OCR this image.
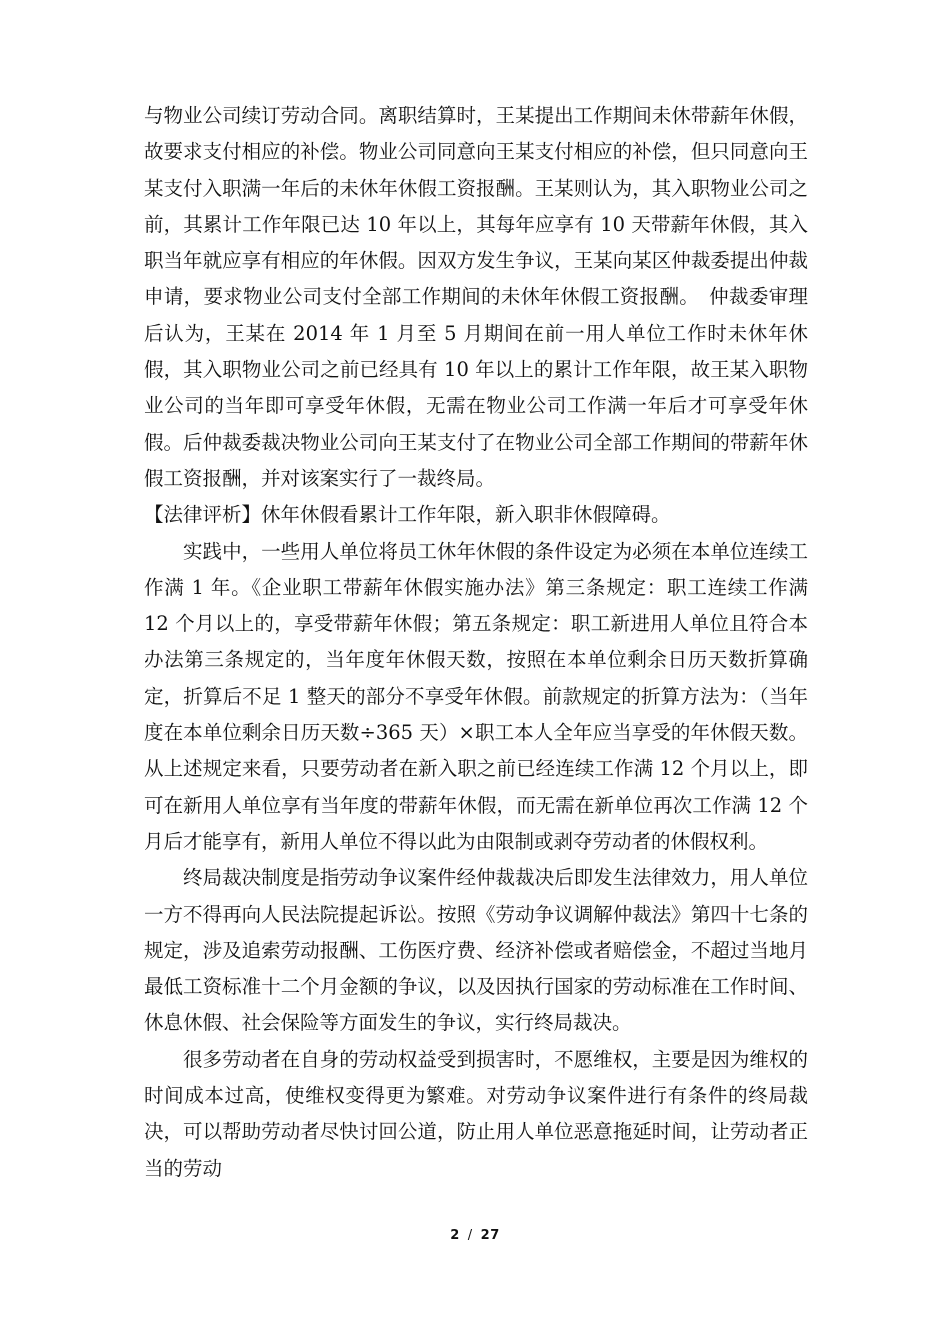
与物业公司续订劳动合同。离职结算时，王某提出工作期间未休带薪年休假，故要求支付相应的补偿。物业公司同意向王某支付相应的补偿，但只同意向王某支付入职满一年后的未休年休假工资报酬。王某则认为，其入职物业公司之前，其累计工作年限已达 10 年以上，其每年应享有 10 天带薪年休假，其入职当年就应享有相应的年休假。因双方发生争议，王某向某区仲裁委提出仲裁申请，要求物业公司支付全部工作期间的未休年休假工资报酬。　仲裁委审理后认为，王某在 2014 年 1 月至 5 月期间在前一用人单位工作时未休年休假，其入职物业公司之前已经具有 10 年以上的累计工作年限，故王某入职物业公司的当年即可享受年休假，无需在物业公司工作满一年后才可享受年休假。后仲裁委裁决物业公司向王某支付了在物业公司全部工作期间的带薪年休假工资报酬，并对该案实行了一裁终局。

【法律评析】休年休假看累计工作年限，新入职非休假障碍。

实践中，一些用人单位将员工休年休假的条件设定为必须在本单位连续工作满 1 年。《企业职工带薪年休假实施办法》第三条规定：职工连续工作满 12 个月以上的，享受带薪年休假；第五条规定：职工新进用人单位且符合本办法第三条规定的，当年度年休假天数，按照在本单位剩余日历天数折算确定，折算后不足 1 整天的部分不享受年休假。前款规定的折算方法为：（当年度在本单位剩余日历天数÷365 天）×职工本人全年应当享受的年休假天数。从上述规定来看，只要劳动者在新入职之前已经连续工作满 12 个月以上，即可在新用人单位享有当年度的带薪年休假，而无需在新单位再次工作满 12 个月后才能享有，新用人单位不得以此为由限制或剥夺劳动者的休假权利。

终局裁决制度是指劳动争议案件经仲裁裁决后即发生法律效力，用人单位一方不得再向人民法院提起诉讼。按照《劳动争议调解仲裁法》第四十七条的规定，涉及追索劳动报酬、工伤医疗费、经济补偿或者赔偿金，不超过当地月最低工资标准十二个月金额的争议，以及因执行国家的劳动标准在工作时间、休息休假、社会保险等方面发生的争议，实行终局裁决。

很多劳动者在自身的劳动权益受到损害时，不愿维权，主要是因为维权的时间成本过高，使维权变得更为繁难。对劳动争议案件进行有条件的终局裁决，可以帮助劳动者尽快讨回公道，防止用人单位恶意拖延时间，让劳动者正当的劳动

2 / 27
